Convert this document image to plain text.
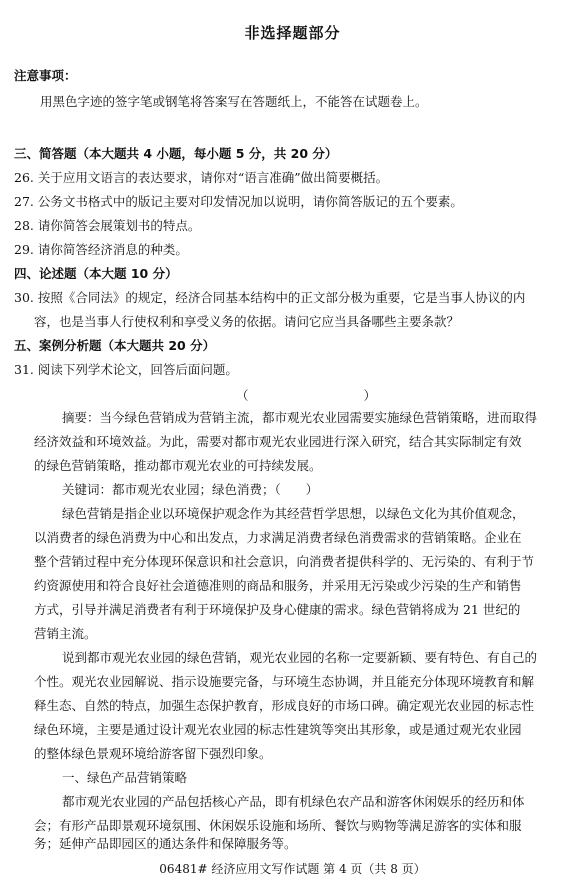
非选择题部分
注意事项：
用黑色字迹的签字笔或钢笔将答案写在答题纸上，不能答在试题卷上。
三、简答题（本大题共 4 小题，每小题 5 分，共 20 分）
26. 关于应用文语言的表达要求，请你对“语言准确”做出简要概括。
27. 公务文书格式中的版记主要对印发情况加以说明，请你简答版记的五个要素。
28. 请你简答会展策划书的特点。
29. 请你简答经济消息的种类。
四、论述题（本大题 10 分）
30. 按照《合同法》的规定，经济合同基本结构中的正文部分极为重要，它是当事人协议的内
容，也是当事人行使权利和享受义务的依据。请问它应当具备哪些主要条款？
五、案例分析题（本大题共 20 分）
31. 阅读下列学术论文，回答后面问题。
（	）
摘要：当今绿色营销成为营销主流，都市观光农业园需要实施绿色营销策略，进而取得
经济效益和环境效益。为此，需要对都市观光农业园进行深入研究，结合其实际制定有效
的绿色营销策略，推动都市观光农业的可持续发展。
关键词：都市观光农业园；绿色消费；（　　）
绿色营销是指企业以环境保护观念作为其经营哲学思想，以绿色文化为其价值观念，
以消费者的绿色消费为中心和出发点，力求满足消费者绿色消费需求的营销策略。企业在
整个营销过程中充分体现环保意识和社会意识，向消费者提供科学的、无污染的、有利于节
约资源使用和符合良好社会道德准则的商品和服务，并采用无污染或少污染的生产和销售
方式，引导并满足消费者有利于环境保护及身心健康的需求。绿色营销将成为 21 世纪的
营销主流。
说到都市观光农业园的绿色营销，观光农业园的名称一定要新颖、要有特色、有自己的
个性。观光农业园解说、指示设施要完备，与环境生态协调，并且能充分体现环境教育和解
释生态、自然的特点，加强生态保护教育，形成良好的市场口碑。确定观光农业园的标志性
绿色环境，主要是通过设计观光农业园的标志性建筑等突出其形象，或是通过观光农业园
的整体绿色景观环境给游客留下强烈印象。
一、绿色产品营销策略
都市观光农业园的产品包括核心产品，即有机绿色农产品和游客休闲娱乐的经历和体
会；有形产品即景观环境氛围、休闲娱乐设施和场所、餐饮与购物等满足游客的实体和服
务；延伸产品即园区的通达条件和保障服务等。
06481# 经济应用文写作试题 第 4 页（共 8 页）
